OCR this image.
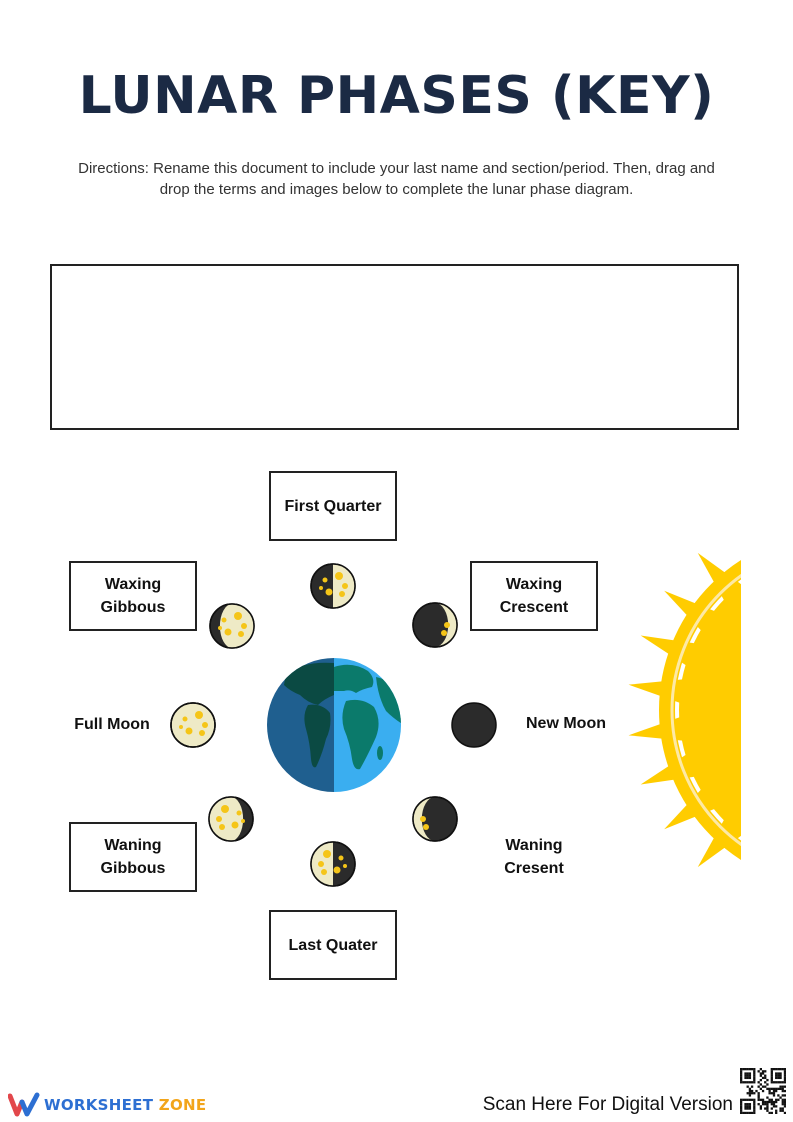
LUNAR PHASES (KEY)
Directions: Rename this document to include your last name and section/period. Then, drag and drop the terms and images below to complete the lunar phase diagram.
First Quarter
Waxing Gibbous
Waxing Crescent
Full Moon	New Moon
Waning Gibbous
Waning Cresent
Last Quater
WORKSHEET ZONE	Scan Here For Digital Version
